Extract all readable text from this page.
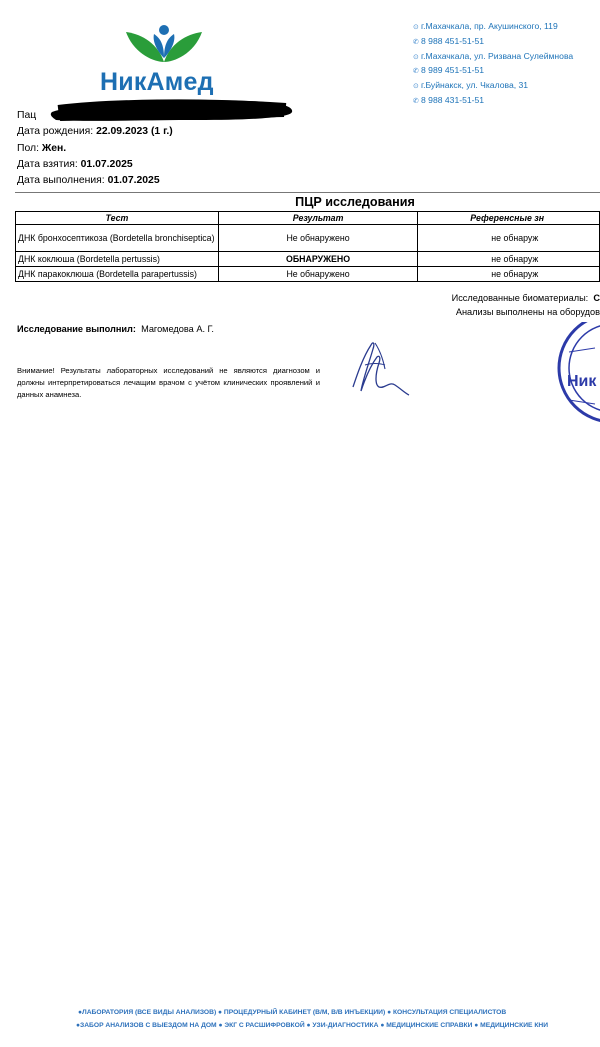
НикАмед
⊙ г.Махачкала, пр. Акушинского, 119
✆ 8 988 451-51-51
⊙ г.Махачкала, ул. Ризвана Сулеймнова
✆ 8 989 451-51-51
⊙ г.Буйнакск, ул. Чкалова, 31
✆ 8 988 431-51-51
Пац
Дата рождения: 22.09.2023 (1 г.)
Пол: Жен.
Дата взятия: 01.07.2025
Дата выполнения: 01.07.2025
ПЦР исследования
Тест	Результат	Референсные зн
ДНК бронхосептикоза (Bordetella bronchiseptica)	Не обнаружено	не обнаруж
ДНК коклюша (Bordetella pertussis)	ОБНАРУЖЕНО	не обнаруж
ДНК паракоклюша (Bordetella parapertussis)	Не обнаружено	не обнаруж
Исследованные биоматериалы: С
Анализы выполнены на оборудов
Исследование выполнил: Магомедова А. Г.
Внимание! Результаты лабораторных исследований не являются диагнозом и должны интерпретироваться лечащим врачом с учётом клинических проявлений и данных анамнеза.
Ник
●ЛАБОРАТОРИЯ (ВСЕ ВИДЫ АНАЛИЗОВ) ● ПРОЦЕДУРНЫЙ КАБИНЕТ (В/М, В/В ИНЪЕКЦИИ) ● КОНСУЛЬТАЦИЯ СПЕЦИАЛИСТОВ
●ЗАБОР АНАЛИЗОВ С ВЫЕЗДОМ НА ДОМ ● ЭКГ С РАСШИФРОВКОЙ ● УЗИ-ДИАГНОСТИКА ● МЕДИЦИНСКИЕ СПРАВКИ ● МЕДИЦИНСКИЕ КНИ
